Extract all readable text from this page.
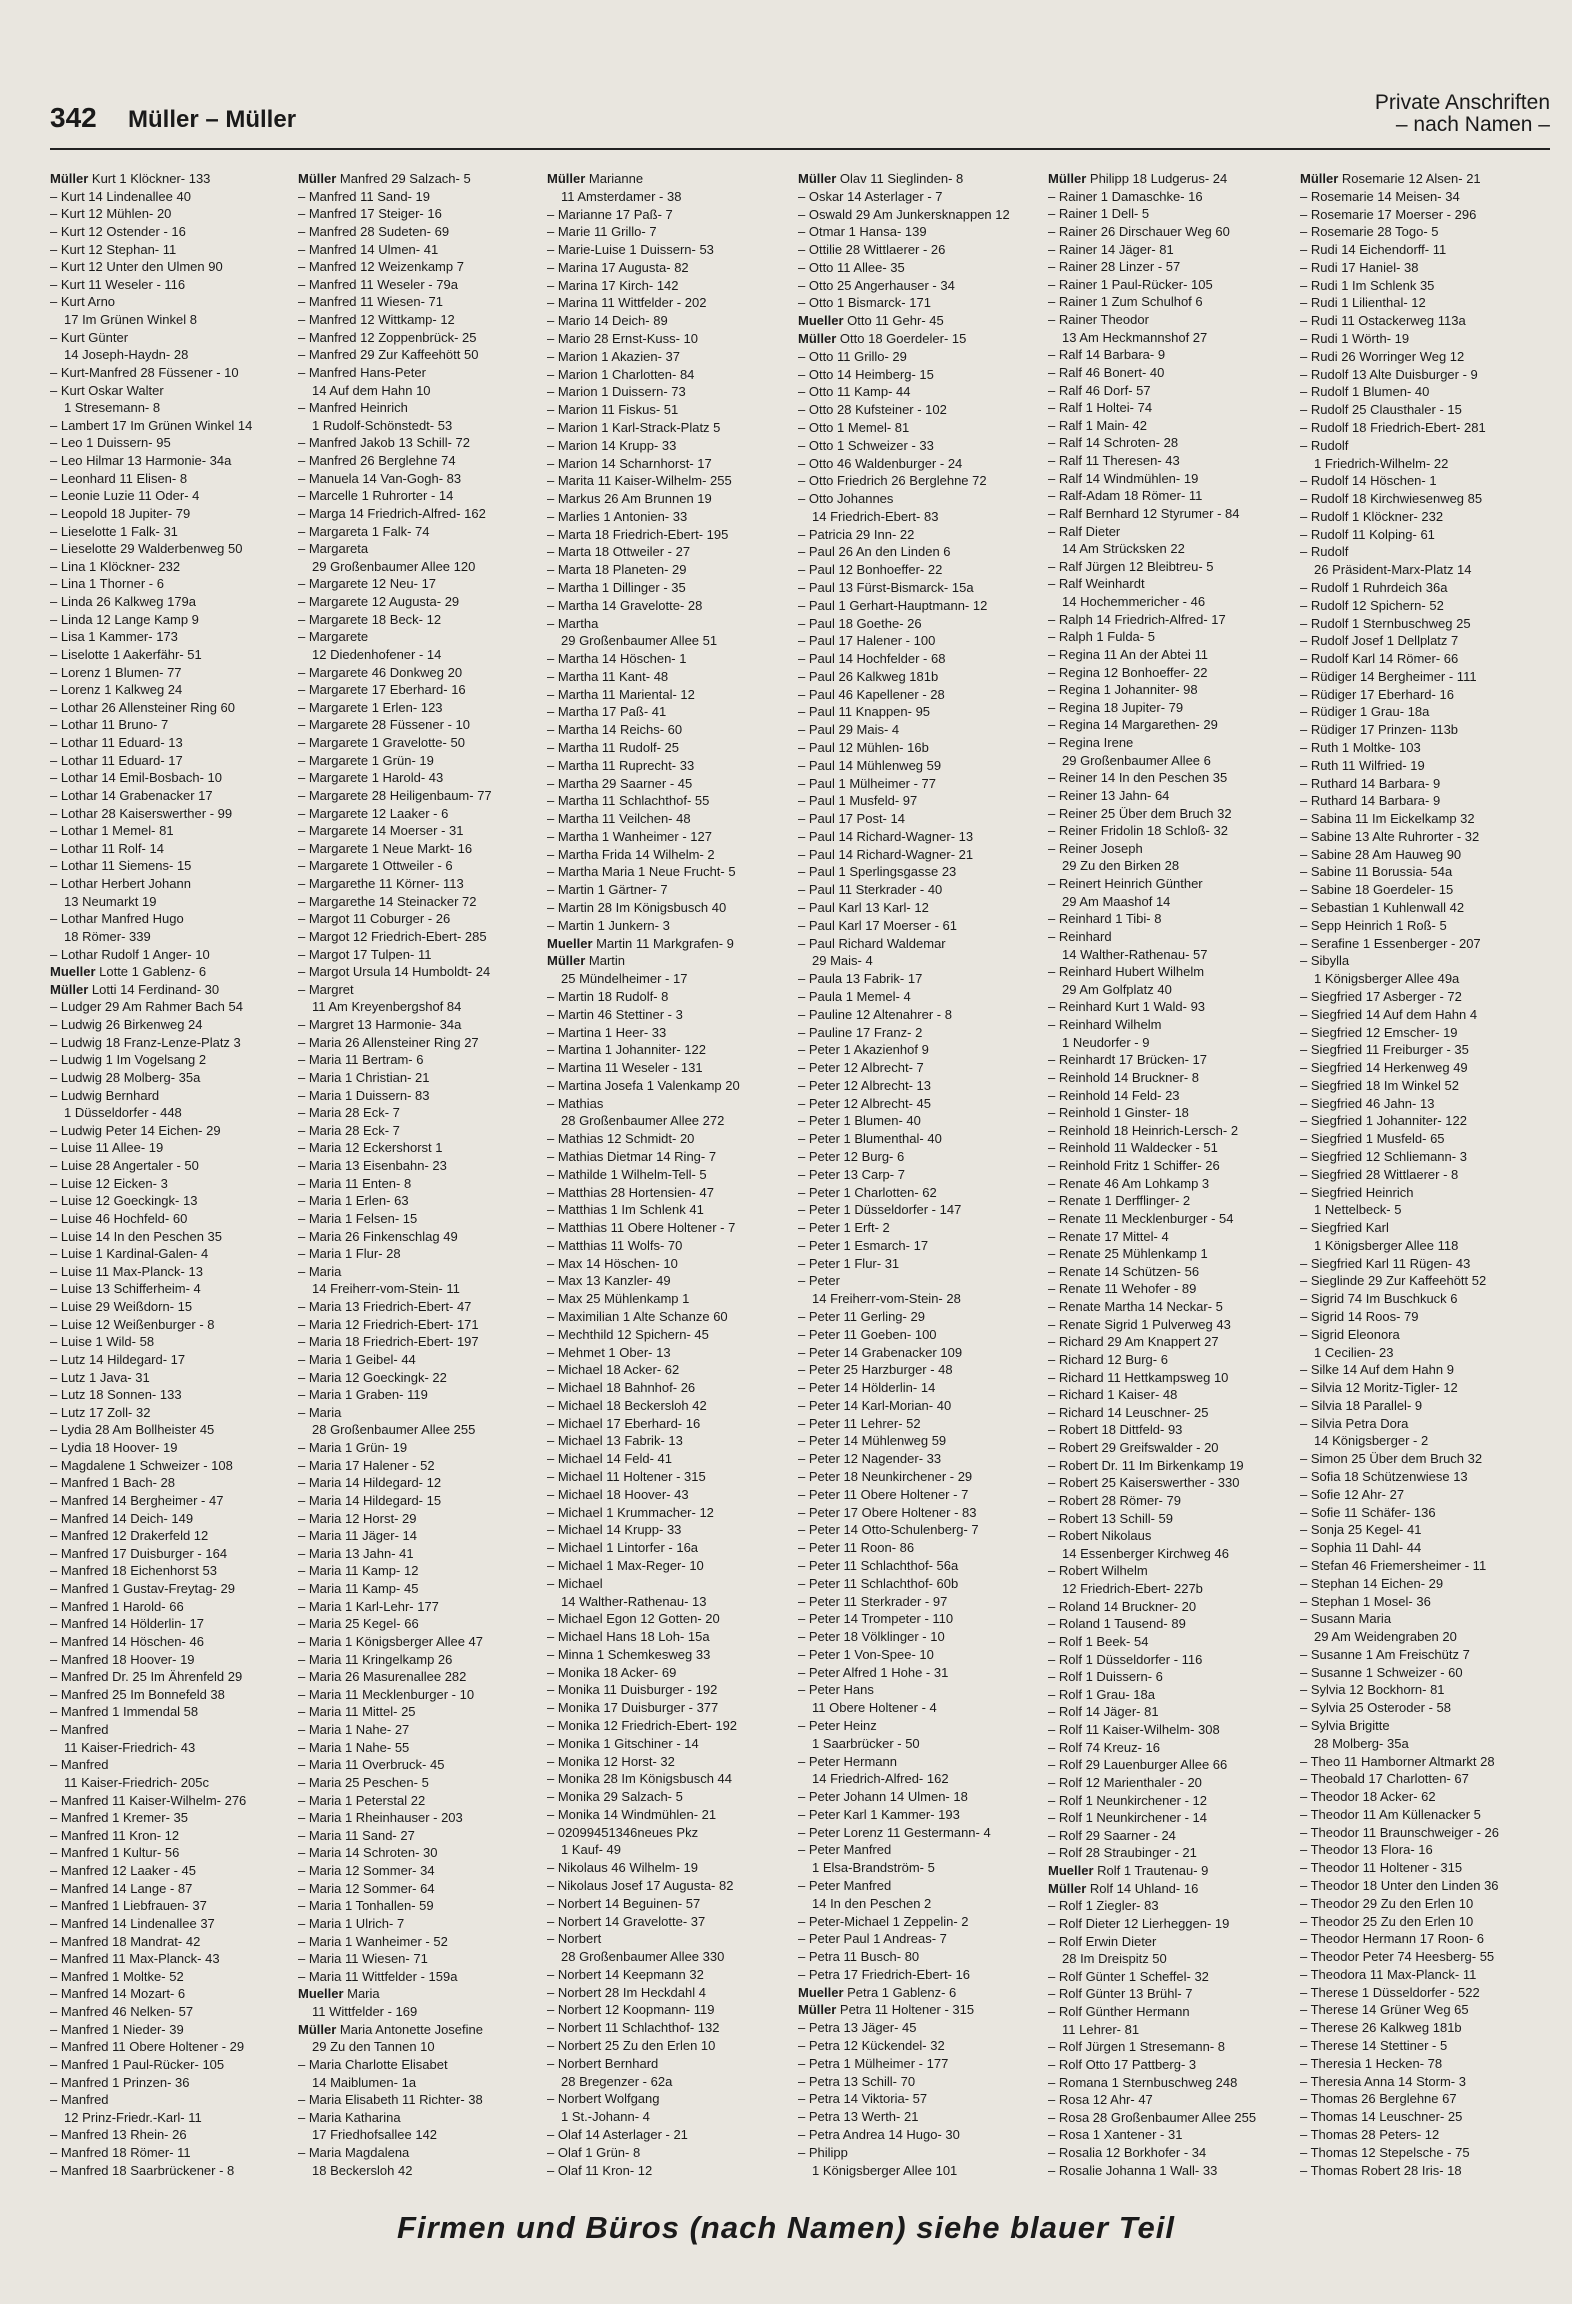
342 Müller – Müller
Private Anschriften
– nach Namen –
Müller Kurt 1 Klöckner- 133
– Kurt 14 Lindenallee 40
– Kurt 12 Mühlen- 20
– Kurt 12 Ostender - 16
– Kurt 12 Stephan- 11
– Kurt 12 Unter den Ulmen 90
– Kurt 11 Weseler - 116
– Kurt Arno
17 Im Grünen Winkel 8
– Kurt Günter
14 Joseph-Haydn- 28
– Kurt-Manfred 28 Füssener - 10
– Kurt Oskar Walter
1 Stresemann- 8
– Lambert 17 Im Grünen Winkel 14
– Leo 1 Duissern- 95
– Leo Hilmar 13 Harmonie- 34a
– Leonhard 11 Elisen- 8
– Leonie Luzie 11 Oder- 4
– Leopold 18 Jupiter- 79
– Lieselotte 1 Falk- 31
– Lieselotte 29 Walderbenweg 50
– Lina 1 Klöckner- 232
– Lina 1 Thorner - 6
– Linda 26 Kalkweg 179a
– Linda 12 Lange Kamp 9
– Lisa 1 Kammer- 173
– Liselotte 1 Aakerfähr- 51
– Lorenz 1 Blumen- 77
– Lorenz 1 Kalkweg 24
– Lothar 26 Allensteiner Ring 60
– Lothar 11 Bruno- 7
– Lothar 11 Eduard- 13
– Lothar 11 Eduard- 17
– Lothar 14 Emil-Bosbach- 10
– Lothar 14 Grabenacker 17
– Lothar 28 Kaiserswerther - 99
– Lothar 1 Memel- 81
– Lothar 11 Rolf- 14
– Lothar 11 Siemens- 15
– Lothar Herbert Johann
13 Neumarkt 19
– Lothar Manfred Hugo
18 Römer- 339
– Lothar Rudolf 1 Anger- 10
Mueller Lotte 1 Gablenz- 6
Müller Lotti 14 Ferdinand- 30
– Ludger 29 Am Rahmer Bach 54
– Ludwig 26 Birkenweg 24
– Ludwig 18 Franz-Lenze-Platz 3
– Ludwig 1 Im Vogelsang 2
– Ludwig 28 Molberg- 35a
– Ludwig Bernhard
1 Düsseldorfer - 448
– Ludwig Peter 14 Eichen- 29
– Luise 11 Allee- 19
– Luise 28 Angertaler - 50
– Luise 12 Eicken- 3
– Luise 12 Goeckingk- 13
– Luise 46 Hochfeld- 60
– Luise 14 In den Peschen 35
– Luise 1 Kardinal-Galen- 4
– Luise 11 Max-Planck- 13
– Luise 13 Schifferheim- 4
– Luise 29 Weißdorn- 15
– Luise 12 Weißenburger - 8
– Luise 1 Wild- 58
– Lutz 14 Hildegard- 17
– Lutz 1 Java- 31
– Lutz 18 Sonnen- 133
– Lutz 17 Zoll- 32
– Lydia 28 Am Bollheister 45
– Lydia 18 Hoover- 19
– Magdalene 1 Schweizer - 108
– Manfred 1 Bach- 28
– Manfred 14 Bergheimer - 47
– Manfred 14 Deich- 149
– Manfred 12 Drakerfeld 12
– Manfred 17 Duisburger - 164
– Manfred 18 Eichenhorst 53
– Manfred 1 Gustav-Freytag- 29
– Manfred 1 Harold- 66
– Manfred 14 Hölderlin- 17
– Manfred 14 Höschen- 46
– Manfred 18 Hoover- 19
– Manfred Dr. 25 Im Ährenfeld 29
– Manfred 25 Im Bonnefeld 38
– Manfred 1 Immendal 58
– Manfred
11 Kaiser-Friedrich- 43
– Manfred
11 Kaiser-Friedrich- 205c
– Manfred 11 Kaiser-Wilhelm- 276
– Manfred 1 Kremer- 35
– Manfred 11 Kron- 12
– Manfred 1 Kultur- 56
– Manfred 12 Laaker - 45
– Manfred 14 Lange - 87
– Manfred 1 Liebfrauen- 37
– Manfred 14 Lindenallee 37
– Manfred 18 Mandrat- 42
– Manfred 11 Max-Planck- 43
– Manfred 1 Moltke- 52
– Manfred 14 Mozart- 6
– Manfred 46 Nelken- 57
– Manfred 1 Nieder- 39
– Manfred 11 Obere Holtener - 29
– Manfred 1 Paul-Rücker- 105
– Manfred 1 Prinzen- 36
– Manfred
12 Prinz-Friedr.-Karl- 11
– Manfred 13 Rhein- 26
– Manfred 18 Römer- 11
– Manfred 18 Saarbrückener - 8
Müller Manfred 29 Salzach- 5
– Manfred 11 Sand- 19
– Manfred 17 Steiger- 16
– Manfred 28 Sudeten- 69
– Manfred 14 Ulmen- 41
– Manfred 12 Weizenkamp 7
– Manfred 11 Weseler - 79a
– Manfred 11 Wiesen- 71
– Manfred 12 Wittkamp- 12
– Manfred 12 Zoppenbrück- 25
– Manfred 29 Zur Kaffeehött 50
– Manfred Hans-Peter
14 Auf dem Hahn 10
– Manfred Heinrich
1 Rudolf-Schönstedt- 53
– Manfred Jakob 13 Schill- 72
– Manfred 26 Berglehne 74
– Manuela 14 Van-Gogh- 83
– Marcelle 1 Ruhrorter - 14
– Marga 14 Friedrich-Alfred- 162
– Margareta 1 Falk- 74
– Margareta
29 Großenbaumer Allee 120
– Margarete 12 Neu- 17
– Margarete 12 Augusta- 29
– Margarete 18 Beck- 12
– Margarete
12 Diedenhofener - 14
– Margarete 46 Donkweg 20
– Margarete 17 Eberhard- 16
– Margarete 1 Erlen- 123
– Margarete 28 Füssener - 10
– Margarete 1 Gravelotte- 50
– Margarete 1 Grün- 19
– Margarete 1 Harold- 43
– Margarete 28 Heiligenbaum- 77
– Margarete 12 Laaker - 6
– Margarete 14 Moerser - 31
– Margarete 1 Neue Markt- 16
– Margarete 1 Ottweiler - 6
– Margarethe 11 Körner- 113
– Margarethe 14 Steinacker 72
– Margot 11 Coburger - 26
– Margot 12 Friedrich-Ebert- 285
– Margot 17 Tulpen- 11
– Margot Ursula 14 Humboldt- 24
– Margret
11 Am Kreyenbergshof 84
– Margret 13 Harmonie- 34a
– Maria 26 Allensteiner Ring 27
– Maria 11 Bertram- 6
– Maria 1 Christian- 21
– Maria 1 Duissern- 83
– Maria 28 Eck- 7
– Maria 28 Eck- 7
– Maria 12 Eckershorst 1
– Maria 13 Eisenbahn- 23
– Maria 11 Enten- 8
– Maria 1 Erlen- 63
– Maria 1 Felsen- 15
– Maria 26 Finkenschlag 49
– Maria 1 Flur- 28
– Maria
14 Freiherr-vom-Stein- 11
– Maria 13 Friedrich-Ebert- 47
– Maria 12 Friedrich-Ebert- 171
– Maria 18 Friedrich-Ebert- 197
– Maria 1 Geibel- 44
– Maria 12 Goeckingk- 22
– Maria 1 Graben- 119
– Maria
28 Großenbaumer Allee 255
– Maria 1 Grün- 19
– Maria 17 Halener - 52
– Maria 14 Hildegard- 12
– Maria 14 Hildegard- 15
– Maria 12 Horst- 29
– Maria 11 Jäger- 14
– Maria 13 Jahn- 41
– Maria 11 Kamp- 12
– Maria 11 Kamp- 45
– Maria 1 Karl-Lehr- 177
– Maria 25 Kegel- 66
– Maria 1 Königsberger Allee 47
– Maria 11 Kringelkamp 26
– Maria 26 Masurenallee 282
– Maria 11 Mecklenburger - 10
– Maria 11 Mittel- 25
– Maria 1 Nahe- 27
– Maria 1 Nahe- 55
– Maria 11 Overbruck- 45
– Maria 25 Peschen- 5
– Maria 1 Peterstal 22
– Maria 1 Rheinhauser - 203
– Maria 11 Sand- 27
– Maria 14 Schroten- 30
– Maria 12 Sommer- 34
– Maria 12 Sommer- 64
– Maria 1 Tonhallen- 59
– Maria 1 Ulrich- 7
– Maria 1 Wanheimer - 52
– Maria 11 Wiesen- 71
– Maria 11 Wittfelder - 159a
Mueller Maria
11 Wittfelder - 169
Müller Maria Antonette Josefine
29 Zu den Tannen 10
– Maria Charlotte Elisabet
14 Maiblumen- 1a
– Maria Elisabeth 11 Richter- 38
– Maria Katharina
17 Friedhofsallee 142
– Maria Magdalena
18 Beckersloh 42
Müller Marianne
11 Amsterdamer - 38
– Marianne 17 Paß- 7
– Marie 11 Grillo- 7
– Marie-Luise 1 Duissern- 53
– Marina 17 Augusta- 82
– Marina 17 Kirch- 142
– Marina 11 Wittfelder - 202
– Mario 14 Deich- 89
– Mario 28 Ernst-Kuss- 10
– Marion 1 Akazien- 37
– Marion 1 Charlotten- 84
– Marion 1 Duissern- 73
– Marion 11 Fiskus- 51
– Marion 1 Karl-Strack-Platz 5
– Marion 14 Krupp- 33
– Marion 14 Scharnhorst- 17
– Marita 11 Kaiser-Wilhelm- 255
– Markus 26 Am Brunnen 19
– Marlies 1 Antonien- 33
– Marta 18 Friedrich-Ebert- 195
– Marta 18 Ottweiler - 27
– Marta 18 Planeten- 29
– Martha 1 Dillinger - 35
– Martha 14 Gravelotte- 28
– Martha
29 Großenbaumer Allee 51
– Martha 14 Höschen- 1
– Martha 11 Kant- 48
– Martha 11 Mariental- 12
– Martha 17 Paß- 41
– Martha 14 Reichs- 60
– Martha 11 Rudolf- 25
– Martha 11 Ruprecht- 33
– Martha 29 Saarner - 45
– Martha 11 Schlachthof- 55
– Martha 11 Veilchen- 48
– Martha 1 Wanheimer - 127
– Martha Frida 14 Wilhelm- 2
– Martha Maria 1 Neue Frucht- 5
– Martin 1 Gärtner- 7
– Martin 28 Im Königsbusch 40
– Martin 1 Junkern- 3
Mueller Martin 11 Markgrafen- 9
Müller Martin
25 Mündelheimer - 17
– Martin 18 Rudolf- 8
– Martin 46 Stettiner - 3
– Martina 1 Heer- 33
– Martina 1 Johanniter- 122
– Martina 11 Weseler - 131
– Martina Josefa 1 Valenkamp 20
– Mathias
28 Großenbaumer Allee 272
– Mathias 12 Schmidt- 20
– Mathias Dietmar 14 Ring- 7
– Mathilde 1 Wilhelm-Tell- 5
– Matthias 28 Hortensien- 47
– Matthias 1 Im Schlenk 41
– Matthias 11 Obere Holtener - 7
– Matthias 11 Wolfs- 70
– Max 14 Höschen- 10
– Max 13 Kanzler- 49
– Max 25 Mühlenkamp 1
– Maximilian 1 Alte Schanze 60
– Mechthild 12 Spichern- 45
– Mehmet 1 Ober- 13
– Michael 18 Acker- 62
– Michael 18 Bahnhof- 26
– Michael 18 Beckersloh 42
– Michael 17 Eberhard- 16
– Michael 13 Fabrik- 13
– Michael 14 Feld- 41
– Michael 11 Holtener - 315
– Michael 18 Hoover- 43
– Michael 1 Krummacher- 12
– Michael 14 Krupp- 33
– Michael 1 Lintorfer - 16a
– Michael 1 Max-Reger- 10
– Michael
14 Walther-Rathenau- 13
– Michael Egon 12 Gotten- 20
– Michael Hans 18 Loh- 15a
– Minna 1 Schemkesweg 33
– Monika 18 Acker- 69
– Monika 11 Duisburger - 192
– Monika 17 Duisburger - 377
– Monika 12 Friedrich-Ebert- 192
– Monika 1 Gitschiner - 14
– Monika 12 Horst- 32
– Monika 28 Im Königsbusch 44
– Monika 29 Salzach- 5
– Monika 14 Windmühlen- 21
– 02099451346neues Pkz
1 Kauf- 49
– Nikolaus 46 Wilhelm- 19
– Nikolaus Josef 17 Augusta- 82
– Norbert 14 Beguinen- 57
– Norbert 14 Gravelotte- 37
– Norbert
28 Großenbaumer Allee 330
– Norbert 14 Keepmann 32
– Norbert 28 Im Heckdahl 4
– Norbert 12 Koopmann- 119
– Norbert 11 Schlachthof- 132
– Norbert 25 Zu den Erlen 10
– Norbert Bernhard
28 Bregenzer - 62a
– Norbert Wolfgang
1 St.-Johann- 4
– Olaf 14 Asterlager - 21
– Olaf 1 Grün- 8
– Olaf 11 Kron- 12
Müller Olav 11 Sieglinden- 8
– Oskar 14 Asterlager - 7
– Oswald 29 Am Junkersknappen 12
– Otmar 1 Hansa- 139
– Ottilie 28 Wittlaerer - 26
– Otto 11 Allee- 35
– Otto 25 Angerhauser - 34
– Otto 1 Bismarck- 171
Mueller Otto 11 Gehr- 45
Müller Otto 18 Goerdeler- 15
– Otto 11 Grillo- 29
– Otto 14 Heimberg- 15
– Otto 11 Kamp- 44
– Otto 28 Kufsteiner - 102
– Otto 1 Memel- 81
– Otto 1 Schweizer - 33
– Otto 46 Waldenburger - 24
– Otto Friedrich 26 Berglehne 72
– Otto Johannes
14 Friedrich-Ebert- 83
– Patricia 29 Inn- 22
– Paul 26 An den Linden 6
– Paul 12 Bonhoeffer- 22
– Paul 13 Fürst-Bismarck- 15a
– Paul 1 Gerhart-Hauptmann- 12
– Paul 18 Goethe- 26
– Paul 17 Halener - 100
– Paul 14 Hochfelder - 68
– Paul 26 Kalkweg 181b
– Paul 46 Kapellener - 28
– Paul 11 Knappen- 95
– Paul 29 Mais- 4
– Paul 12 Mühlen- 16b
– Paul 14 Mühlenweg 59
– Paul 1 Mülheimer - 77
– Paul 1 Musfeld- 97
– Paul 17 Post- 14
– Paul 14 Richard-Wagner- 13
– Paul 14 Richard-Wagner- 21
– Paul 1 Sperlingsgasse 23
– Paul 11 Sterkrader - 40
– Paul Karl 13 Karl- 12
– Paul Karl 17 Moerser - 61
– Paul Richard Waldemar
29 Mais- 4
– Paula 13 Fabrik- 17
– Paula 1 Memel- 4
– Pauline 12 Altenahrer - 8
– Pauline 17 Franz- 2
– Peter 1 Akazienhof 9
– Peter 12 Albrecht- 7
– Peter 12 Albrecht- 13
– Peter 12 Albrecht- 45
– Peter 1 Blumen- 40
– Peter 1 Blumenthal- 40
– Peter 12 Burg- 6
– Peter 13 Carp- 7
– Peter 1 Charlotten- 62
– Peter 1 Düsseldorfer - 147
– Peter 1 Erft- 2
– Peter 1 Esmarch- 17
– Peter 1 Flur- 31
– Peter
14 Freiherr-vom-Stein- 28
– Peter 11 Gerling- 29
– Peter 11 Goeben- 100
– Peter 14 Grabenacker 109
– Peter 25 Harzburger - 48
– Peter 14 Hölderlin- 14
– Peter 14 Karl-Morian- 40
– Peter 11 Lehrer- 52
– Peter 14 Mühlenweg 59
– Peter 12 Nagender- 33
– Peter 18 Neunkirchener - 29
– Peter 11 Obere Holtener - 7
– Peter 17 Obere Holtener - 83
– Peter 14 Otto-Schulenberg- 7
– Peter 11 Roon- 86
– Peter 11 Schlachthof- 56a
– Peter 11 Schlachthof- 60b
– Peter 11 Sterkrader - 97
– Peter 14 Trompeter - 110
– Peter 18 Völklinger - 10
– Peter 1 Von-Spee- 10
– Peter Alfred 1 Hohe - 31
– Peter Hans
11 Obere Holtener - 4
– Peter Heinz
1 Saarbrücker - 50
– Peter Hermann
14 Friedrich-Alfred- 162
– Peter Johann 14 Ulmen- 18
– Peter Karl 1 Kammer- 193
– Peter Lorenz 11 Gestermann- 4
– Peter Manfred
1 Elsa-Brandström- 5
– Peter Manfred
14 In den Peschen 2
– Peter-Michael 1 Zeppelin- 2
– Peter Paul 1 Andreas- 7
– Petra 11 Busch- 80
– Petra 17 Friedrich-Ebert- 16
Mueller Petra 1 Gablenz- 6
Müller Petra 11 Holtener - 315
– Petra 13 Jäger- 45
– Petra 12 Kückendel- 32
– Petra 1 Mülheimer - 177
– Petra 13 Schill- 70
– Petra 14 Viktoria- 57
– Petra 13 Werth- 21
– Petra Andrea 14 Hugo- 30
– Philipp
1 Königsberger Allee 101
Müller Philipp 18 Ludgerus- 24
– Rainer 1 Damaschke- 16
– Rainer 1 Dell- 5
– Rainer 26 Dirschauer Weg 60
– Rainer 14 Jäger- 81
– Rainer 28 Linzer - 57
– Rainer 1 Paul-Rücker- 105
– Rainer 1 Zum Schulhof 6
– Rainer Theodor
13 Am Heckmannshof 27
– Ralf 14 Barbara- 9
– Ralf 46 Bonert- 40
– Ralf 46 Dorf- 57
– Ralf 1 Holtei- 74
– Ralf 1 Main- 42
– Ralf 14 Schroten- 28
– Ralf 11 Theresen- 43
– Ralf 14 Windmühlen- 19
– Ralf-Adam 18 Römer- 11
– Ralf Bernhard 12 Styrumer - 84
– Ralf Dieter
14 Am Strücksken 22
– Ralf Jürgen 12 Bleibtreu- 5
– Ralf Weinhardt
14 Hochemmericher - 46
– Ralph 14 Friedrich-Alfred- 17
– Ralph 1 Fulda- 5
– Regina 11 An der Abtei 11
– Regina 12 Bonhoeffer- 22
– Regina 1 Johanniter- 98
– Regina 18 Jupiter- 79
– Regina 14 Margarethen- 29
– Regina Irene
29 Großenbaumer Allee 6
– Reiner 14 In den Peschen 35
– Reiner 13 Jahn- 64
– Reiner 25 Über dem Bruch 32
– Reiner Fridolin 18 Schloß- 32
– Reiner Joseph
29 Zu den Birken 28
– Reinert Heinrich Günther
29 Am Maashof 14
– Reinhard 1 Tibi- 8
– Reinhard
14 Walther-Rathenau- 57
– Reinhard Hubert Wilhelm
29 Am Golfplatz 40
– Reinhard Kurt 1 Wald- 93
– Reinhard Wilhelm
1 Neudorfer - 9
– Reinhardt 17 Brücken- 17
– Reinhold 14 Bruckner- 8
– Reinhold 14 Feld- 23
– Reinhold 1 Ginster- 18
– Reinhold 18 Heinrich-Lersch- 2
– Reinhold 11 Waldecker - 51
– Reinhold Fritz 1 Schiffer- 26
– Renate 46 Am Lohkamp 3
– Renate 1 Derfflinger- 2
– Renate 11 Mecklenburger - 54
– Renate 17 Mittel- 4
– Renate 25 Mühlenkamp 1
– Renate 14 Schützen- 56
– Renate 11 Wehofer - 89
– Renate Martha 14 Neckar- 5
– Renate Sigrid 1 Pulverweg 43
– Richard 29 Am Knappert 27
– Richard 12 Burg- 6
– Richard 11 Hettkampsweg 10
– Richard 1 Kaiser- 48
– Richard 14 Leuschner- 25
– Robert 18 Dittfeld- 93
– Robert 29 Greifswalder - 20
– Robert Dr. 11 Im Birkenkamp 19
– Robert 25 Kaiserswerther - 330
– Robert 28 Römer- 79
– Robert 13 Schill- 59
– Robert Nikolaus
14 Essenberger Kirchweg 46
– Robert Wilhelm
12 Friedrich-Ebert- 227b
– Roland 14 Bruckner- 20
– Roland 1 Tausend- 89
– Rolf 1 Beek- 54
– Rolf 1 Düsseldorfer - 116
– Rolf 1 Duissern- 6
– Rolf 1 Grau- 18a
– Rolf 14 Jäger- 81
– Rolf 11 Kaiser-Wilhelm- 308
– Rolf 74 Kreuz- 16
– Rolf 29 Lauenburger Allee 66
– Rolf 12 Marienthaler - 20
– Rolf 1 Neunkirchener - 12
– Rolf 1 Neunkirchener - 14
– Rolf 29 Saarner - 24
– Rolf 28 Straubinger - 21
Mueller Rolf 1 Trautenau- 9
Müller Rolf 14 Uhland- 16
– Rolf 1 Ziegler- 83
– Rolf Dieter 12 Lierheggen- 19
– Rolf Erwin Dieter
28 Im Dreispitz 50
– Rolf Günter 1 Scheffel- 32
– Rolf Günter 13 Brühl- 7
– Rolf Günther Hermann
11 Lehrer- 81
– Rolf Jürgen 1 Stresemann- 8
– Rolf Otto 17 Pattberg- 3
– Romana 1 Sternbuschweg 248
– Rosa 12 Ahr- 47
– Rosa 28 Großenbaumer Allee 255
– Rosa 1 Xantener - 31
– Rosalia 12 Borkhofer - 34
– Rosalie Johanna 1 Wall- 33
Müller Rosemarie 12 Alsen- 21
– Rosemarie 14 Meisen- 34
– Rosemarie 17 Moerser - 296
– Rosemarie 28 Togo- 5
– Rudi 14 Eichendorff- 11
– Rudi 17 Haniel- 38
– Rudi 1 Im Schlenk 35
– Rudi 1 Lilienthal- 12
– Rudi 11 Ostackerweg 113a
– Rudi 1 Wörth- 19
– Rudi 26 Worringer Weg 12
– Rudolf 13 Alte Duisburger - 9
– Rudolf 1 Blumen- 40
– Rudolf 25 Clausthaler - 15
– Rudolf 18 Friedrich-Ebert- 281
– Rudolf
1 Friedrich-Wilhelm- 22
– Rudolf 14 Höschen- 1
– Rudolf 18 Kirchwiesenweg 85
– Rudolf 1 Klöckner- 232
– Rudolf 11 Kolping- 61
– Rudolf
26 Präsident-Marx-Platz 14
– Rudolf 1 Ruhrdeich 36a
– Rudolf 12 Spichern- 52
– Rudolf 1 Sternbuschweg 25
– Rudolf Josef 1 Dellplatz 7
– Rudolf Karl 14 Römer- 66
– Rüdiger 14 Bergheimer - 111
– Rüdiger 17 Eberhard- 16
– Rüdiger 1 Grau- 18a
– Rüdiger 17 Prinzen- 113b
– Ruth 1 Moltke- 103
– Ruth 11 Wilfried- 19
– Ruthard 14 Barbara- 9
– Ruthard 14 Barbara- 9
– Sabina 11 Im Eickelkamp 32
– Sabine 13 Alte Ruhrorter - 32
– Sabine 28 Am Hauweg 90
– Sabine 11 Borussia- 54a
– Sabine 18 Goerdeler- 15
– Sebastian 1 Kuhlenwall 42
– Sepp Heinrich 1 Roß- 5
– Serafine 1 Essenberger - 207
– Sibylla
1 Königsberger Allee 49a
– Siegfried 17 Asberger - 72
– Siegfried 14 Auf dem Hahn 4
– Siegfried 12 Emscher- 19
– Siegfried 11 Freiburger - 35
– Siegfried 14 Herkenweg 49
– Siegfried 18 Im Winkel 52
– Siegfried 46 Jahn- 13
– Siegfried 1 Johanniter- 122
– Siegfried 1 Musfeld- 65
– Siegfried 12 Schliemann- 3
– Siegfried 28 Wittlaerer - 8
– Siegfried Heinrich
1 Nettelbeck- 5
– Siegfried Karl
1 Königsberger Allee 118
– Siegfried Karl 11 Rügen- 43
– Sieglinde 29 Zur Kaffeehött 52
– Sigrid 74 Im Buschkuck 6
– Sigrid 14 Roos- 79
– Sigrid Eleonora
1 Cecilien- 23
– Silke 14 Auf dem Hahn 9
– Silvia 12 Moritz-Tigler- 12
– Silvia 18 Parallel- 9
– Silvia Petra Dora
14 Königsberger - 2
– Simon 25 Über dem Bruch 32
– Sofia 18 Schützenwiese 13
– Sofie 12 Ahr- 27
– Sofie 11 Schäfer- 136
– Sonja 25 Kegel- 41
– Sophia 11 Dahl- 44
– Stefan 46 Friemersheimer - 11
– Stephan 14 Eichen- 29
– Stephan 1 Mosel- 36
– Susann Maria
29 Am Weidengraben 20
– Susanne 1 Am Freischütz 7
– Susanne 1 Schweizer - 60
– Sylvia 12 Bockhorn- 81
– Sylvia 25 Osteroder - 58
– Sylvia Brigitte
28 Molberg- 35a
– Theo 11 Hamborner Altmarkt 28
– Theobald 17 Charlotten- 67
– Theodor 18 Acker- 62
– Theodor 11 Am Küllenacker 5
– Theodor 11 Braunschweiger - 26
– Theodor 13 Flora- 16
– Theodor 11 Holtener - 315
– Theodor 18 Unter den Linden 36
– Theodor 29 Zu den Erlen 10
– Theodor 25 Zu den Erlen 10
– Theodor Hermann 17 Roon- 6
– Theodor Peter 74 Heesberg- 55
– Theodora 11 Max-Planck- 11
– Therese 1 Düsseldorfer - 522
– Therese 14 Grüner Weg 65
– Therese 26 Kalkweg 181b
– Therese 14 Stettiner - 5
– Theresia 1 Hecken- 78
– Theresia Anna 14 Storm- 3
– Thomas 26 Berglehne 67
– Thomas 14 Leuschner- 25
– Thomas 28 Peters- 12
– Thomas 12 Stepelsche - 75
– Thomas Robert 28 Iris- 18
Firmen und Büros (nach Namen) siehe blauer Teil
